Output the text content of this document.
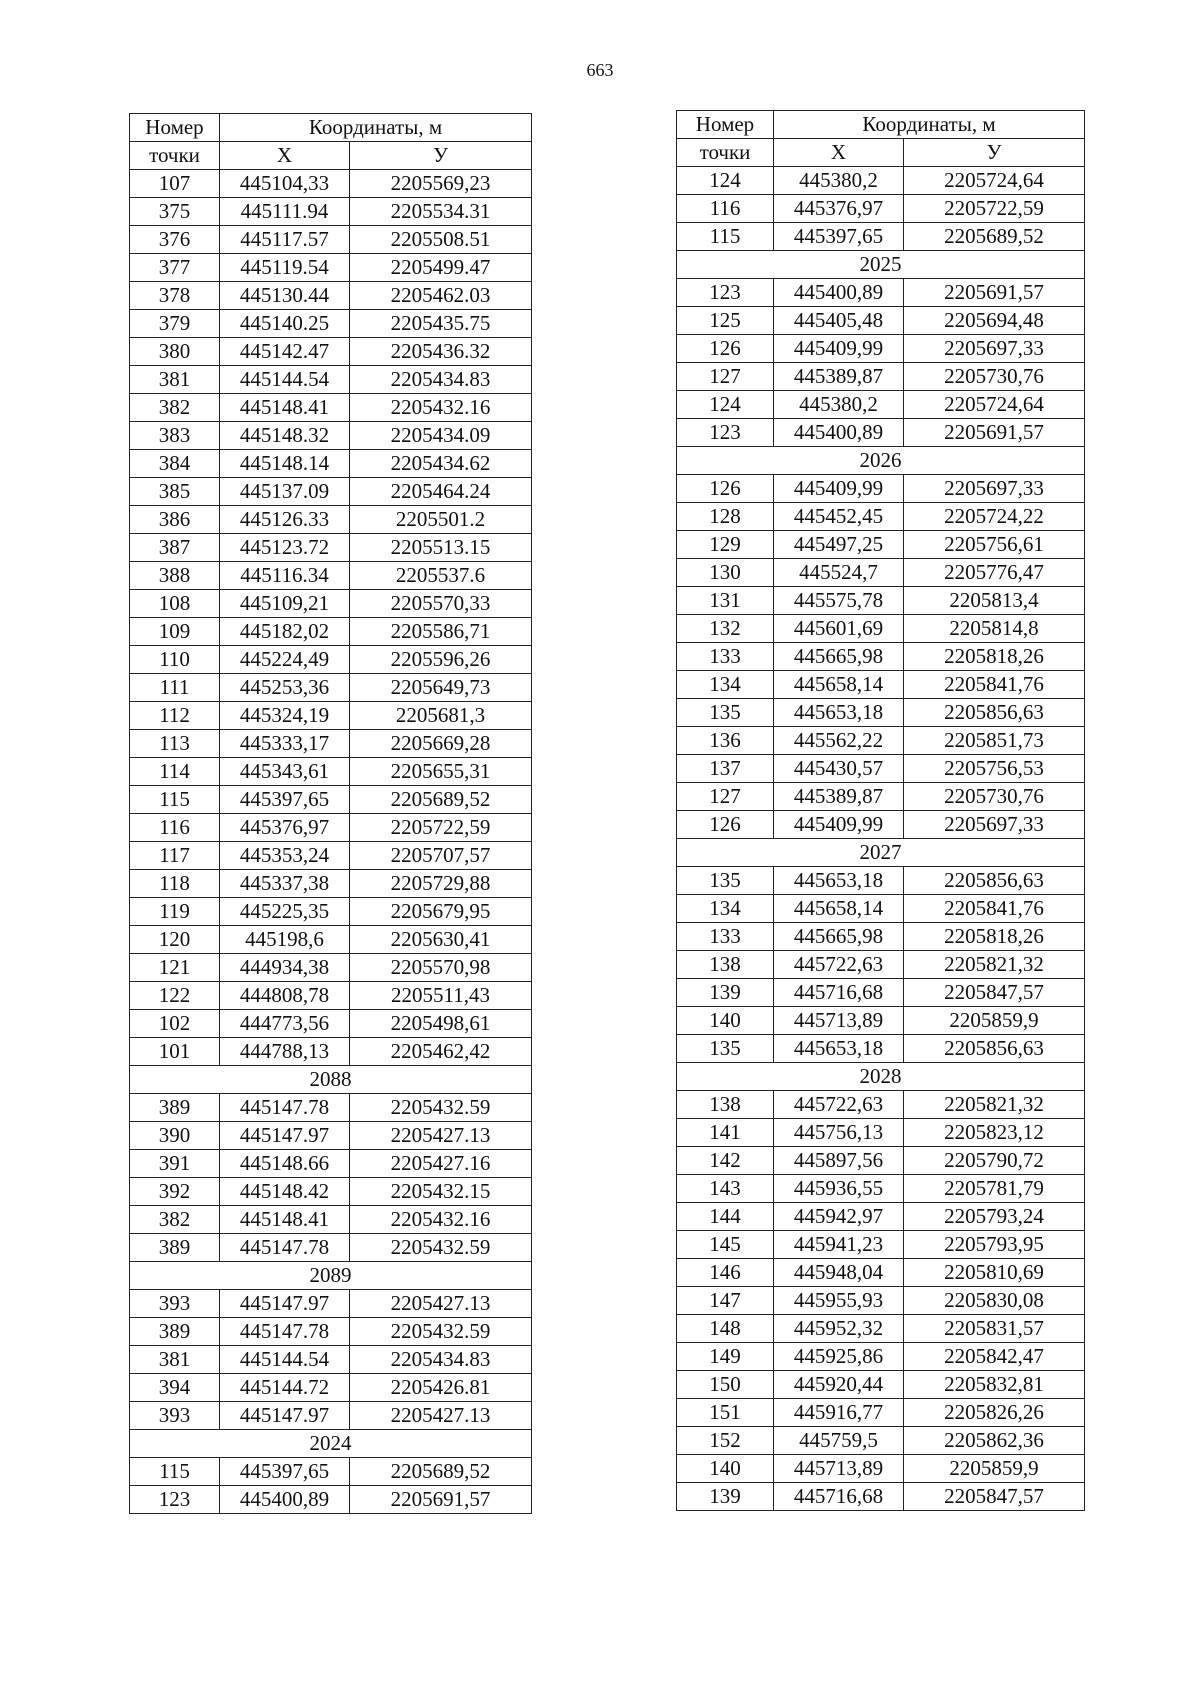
663
Номер	Координаты, м	
точки	X	У
107	445104,33	2205569,23
375	445111.94	2205534.31
376	445117.57	2205508.51
377	445119.54	2205499.47
378	445130.44	2205462.03
379	445140.25	2205435.75
380	445142.47	2205436.32
381	445144.54	2205434.83
382	445148.41	2205432.16
383	445148.32	2205434.09
384	445148.14	2205434.62
385	445137.09	2205464.24
386	445126.33	2205501.2
387	445123.72	2205513.15
388	445116.34	2205537.6
108	445109,21	2205570,33
109	445182,02	2205586,71
110	445224,49	2205596,26
111	445253,36	2205649,73
112	445324,19	2205681,3
113	445333,17	2205669,28
114	445343,61	2205655,31
115	445397,65	2205689,52
116	445376,97	2205722,59
117	445353,24	2205707,57
118	445337,38	2205729,88
119	445225,35	2205679,95
120	445198,6	2205630,41
121	444934,38	2205570,98
122	444808,78	2205511,43
102	444773,56	2205498,61
101	444788,13	2205462,42
2088		
389	445147.78	2205432.59
390	445147.97	2205427.13
391	445148.66	2205427.16
392	445148.42	2205432.15
382	445148.41	2205432.16
389	445147.78	2205432.59
2089		
393	445147.97	2205427.13
389	445147.78	2205432.59
381	445144.54	2205434.83
394	445144.72	2205426.81
393	445147.97	2205427.13
2024		
115	445397,65	2205689,52
123	445400,89	2205691,57
Номер	Координаты, м	
точки	X	У
124	445380,2	2205724,64
116	445376,97	2205722,59
115	445397,65	2205689,52
2025		
123	445400,89	2205691,57
125	445405,48	2205694,48
126	445409,99	2205697,33
127	445389,87	2205730,76
124	445380,2	2205724,64
123	445400,89	2205691,57
2026		
126	445409,99	2205697,33
128	445452,45	2205724,22
129	445497,25	2205756,61
130	445524,7	2205776,47
131	445575,78	2205813,4
132	445601,69	2205814,8
133	445665,98	2205818,26
134	445658,14	2205841,76
135	445653,18	2205856,63
136	445562,22	2205851,73
137	445430,57	2205756,53
127	445389,87	2205730,76
126	445409,99	2205697,33
2027		
135	445653,18	2205856,63
134	445658,14	2205841,76
133	445665,98	2205818,26
138	445722,63	2205821,32
139	445716,68	2205847,57
140	445713,89	2205859,9
135	445653,18	2205856,63
2028		
138	445722,63	2205821,32
141	445756,13	2205823,12
142	445897,56	2205790,72
143	445936,55	2205781,79
144	445942,97	2205793,24
145	445941,23	2205793,95
146	445948,04	2205810,69
147	445955,93	2205830,08
148	445952,32	2205831,57
149	445925,86	2205842,47
150	445920,44	2205832,81
151	445916,77	2205826,26
152	445759,5	2205862,36
140	445713,89	2205859,9
139	445716,68	2205847,57
